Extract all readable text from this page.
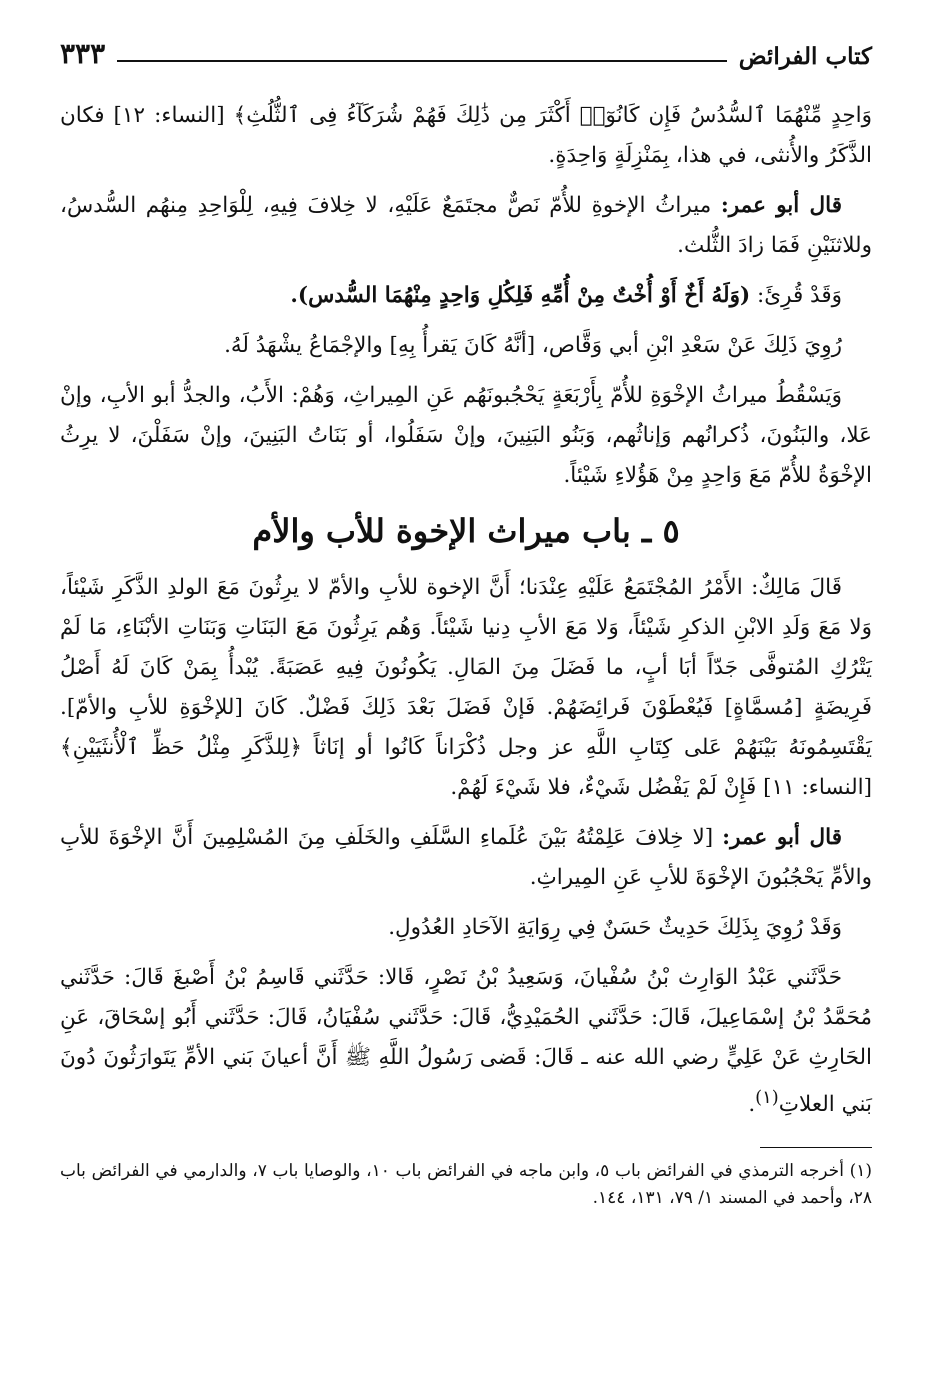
كتاب الفرائض
٣٣٣

وَاحِدٍ مِّنْهُمَا ٱلسُّدُسُ فَإِن كَانُوٓا۟ أَكْثَرَ مِن ذَٰلِكَ فَهُمْ شُرَكَآءُ فِى ٱلثُّلُثِ﴾ [النساء: ١٢] فكان الذَّكَرُ والأُنثى، في هذا، بِمَنْزِلَةٍ وَاحِدَةٍ.

قال أبو عمر: ميراثُ الإخوةِ للأُمّ نَصٌّ مجتَمَعٌ عَلَيْهِ، لا خِلافَ فِيهِ، لِلْوَاحِدِ مِنهُم السُّدسُ، وللاثنَيْنِ فَمَا زادَ الثُّلث.

وَقَدْ قُرِئَ: (وَلَهُ أَخٌ أَوْ أُخْتٌ مِنْ أُمِّهِ فَلِكُلِ وَاحِدٍ مِنْهُمَا السُّدس).

رُوِيَ ذَلِكَ عَنْ سَعْدِ ابْنِ أبي وَقَّاص، [أنَّهُ كَانَ يَقرأُ بِهِ] والإجْمَاعُ يشْهَدُ لَهُ.

وَيَسْقُطُ ميراثُ الإخْوَةِ للأُمّ بِأَرْبَعَةٍ يَحْجُبونَهُم عَنِ المِيراثِ، وَهُمْ: الأَبُ، والجدُّ أبو الأبِ، وإنْ عَلا، والبَنُونَ، ذُكرانُهم وَإناثُهم، وَبَنُو البَنِينَ، وإنْ سَفَلُوا، أو بَنَاتُ البَنِينَ، وإنْ سَفَلْنَ، لا يرِثُ الإخْوَةُ للأُمّ مَعَ وَاحِدٍ مِنْ هَؤُلاءِ شَيْئاً.

٥ ـ باب ميراث الإخوة للأب والأم

قَالَ مَالِكٌ: الأَمْرُ المُجْتَمَعُ عَلَيْهِ عِنْدَنا؛ أَنَّ الإخوة للأبِ والأمّ لا يرِثُونَ مَعَ الولدِ الذَّكَرِ شَيْئاً، وَلا مَعَ وَلَدِ الابْنِ الذكرِ شَيْئاً، وَلا مَعَ الأبِ دِنيا شَيْئاً. وَهُم يَرِثُونَ مَعَ البَنَاتِ وَبَنَاتِ الأبْنَاءِ، مَا لَمْ يَتْرُكِ المُتوفَّى جَدّاً أبَا أبٍ، ما فَضَلَ مِنَ المَالِ. يَكُونُونَ فِيهِ عَصَبَةً. يُبْدأُ بِمَنْ كَانَ لَهُ أَصْلُ فَرِيضَةٍ [مُسمَّاةٍ] فَيُعْطَوْنَ فَرائِضَهُمْ. فَإنْ فَضَلَ بَعْدَ ذَلِكَ فَضْلٌ. كَانَ [للإخْوَةِ للأبِ والأمّ]. يَقْتَسِمُونَهُ بَيْنَهُمْ عَلى كِتَابِ اللَّهِ عز وجل ذُكْرَاناً كَانُوا أو إنَاثاً ﴿لِلذَّكَرِ مِثْلُ حَظِّ ٱلْأُنثَيَيْنِ﴾ [النساء: ١١] فَإِنْ لَمْ يَفْضُل شَيْءٌ، فلا شَيْءَ لَهُمْ.

قال أبو عمر: [لا خِلافَ عَلِمْتُهُ بَيْنَ عُلَماءِ السَّلَفِ والخَلَفِ مِنَ المُسْلِمِينَ أَنَّ الإخْوَةَ للأبِ والأمِّ يَحْجُبُونَ الإخْوَةَ للأبِ عَنِ المِيراثِ.

وَقَدْ رُوِيَ بِذَلِكَ حَدِيثٌ حَسَنٌ فِي رِوَايَةِ الآحَادِ العُدُولِ.

حَدَّثَني عَبْدُ الوَارِث بْنُ سُفْيانَ، وَسَعِيدُ بْنُ نَصْرٍ، قَالا: حَدَّثَني قَاسِمُ بْنُ أَصْبغَ قَالَ: حَدَّثَني مُحَمَّدُ بْنُ إسْمَاعِيلَ، قَالَ: حَدَّثَني الحُمَيْدِيُّ، قَالَ: حَدَّثَني سُفْيَانُ، قَالَ: حَدَّثَني أَبُو إسْحَاقَ، عَنِ الحَارِثِ عَنْ عَلِيٍّ رضي الله عنه ـ قَالَ: قَضى رَسُولُ اللَّهِ ﷺ أَنَّ أعيانَ بَني الأمِّ يَتَوارَثُونَ دُونَ بَني العلاتِ$^{(١)}$.

(١) أخرجه الترمذي في الفرائض باب ٥، وابن ماجه في الفرائض باب ١٠، والوصايا باب ٧، والدارمي في الفرائض باب ٢٨، وأحمد في المسند ١/ ٧٩، ١٣١، ١٤٤.
